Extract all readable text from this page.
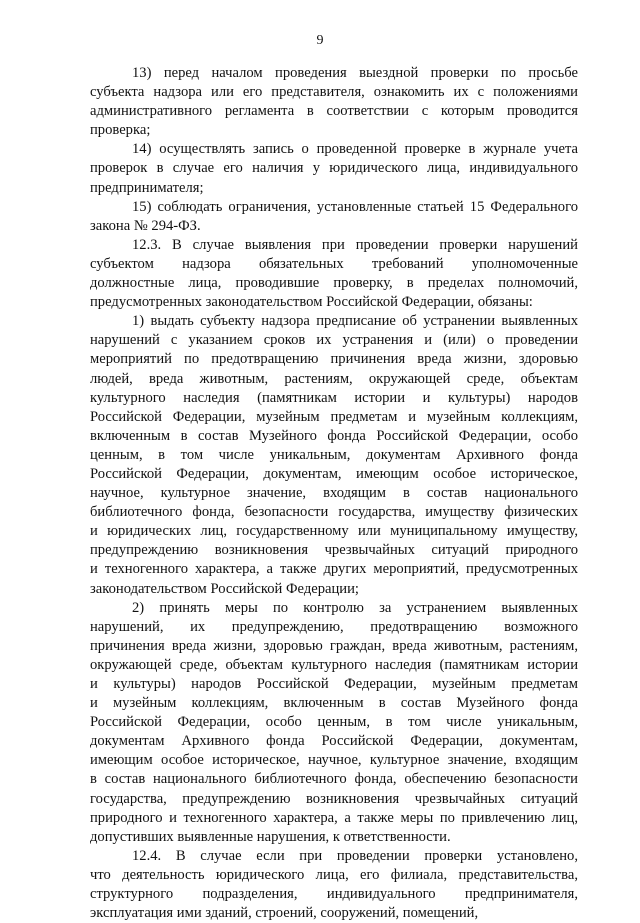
9

13) перед началом проведения выездной проверки по просьбе
субъекта надзора или его представителя, ознакомить их с положениями
административного регламента в соответствии с которым проводится
проверка;

14) осуществлять запись о проведенной проверке в журнале учета
проверок в случае его наличия у юридического лица, индивидуального
предпринимателя;

15) соблюдать ограничения, установленные статьей 15 Федерального
закона № 294-ФЗ.

12.3. В случае выявления при проведении проверки нарушений
субъектом надзора обязательных требований уполномоченные
должностные лица, проводившие проверку, в пределах полномочий,
предусмотренных законодательством Российской Федерации, обязаны:

1) выдать субъекту надзора предписание об устранении выявленных
нарушений с указанием сроков их устранения и (или) о проведении
мероприятий по предотвращению причинения вреда жизни, здоровью
людей, вреда животным, растениям, окружающей среде, объектам
культурного наследия (памятникам истории и культуры) народов
Российской Федерации, музейным предметам и музейным коллекциям,
включенным в состав Музейного фонда Российской Федерации, особо
ценным, в том числе уникальным, документам Архивного фонда
Российской Федерации, документам, имеющим особое историческое,
научное, культурное значение, входящим в состав национального
библиотечного фонда, безопасности государства, имуществу физических
и юридических лиц, государственному или муниципальному имуществу,
предупреждению возникновения чрезвычайных ситуаций природного
и техногенного характера, а также других мероприятий, предусмотренных
законодательством Российской Федерации;

2) принять меры по контролю за устранением выявленных
нарушений, их предупреждению, предотвращению возможного
причинения вреда жизни, здоровью граждан, вреда животным, растениям,
окружающей среде, объектам культурного наследия (памятникам истории
и культуры) народов Российской Федерации, музейным предметам
и музейным коллекциям, включенным в состав Музейного фонда
Российской Федерации, особо ценным, в том числе уникальным,
документам Архивного фонда Российской Федерации, документам,
имеющим особое историческое, научное, культурное значение, входящим
в состав национального библиотечного фонда, обеспечению безопасности
государства, предупреждению возникновения чрезвычайных ситуаций
природного и техногенного характера, а также меры по привлечению лиц,
допустивших выявленные нарушения, к ответственности.

12.4. В случае если при проведении проверки установлено,
что деятельность юридического лица, его филиала, представительства,
структурного подразделения, индивидуального предпринимателя,
эксплуатация ими зданий, строений, сооружений, помещений,
